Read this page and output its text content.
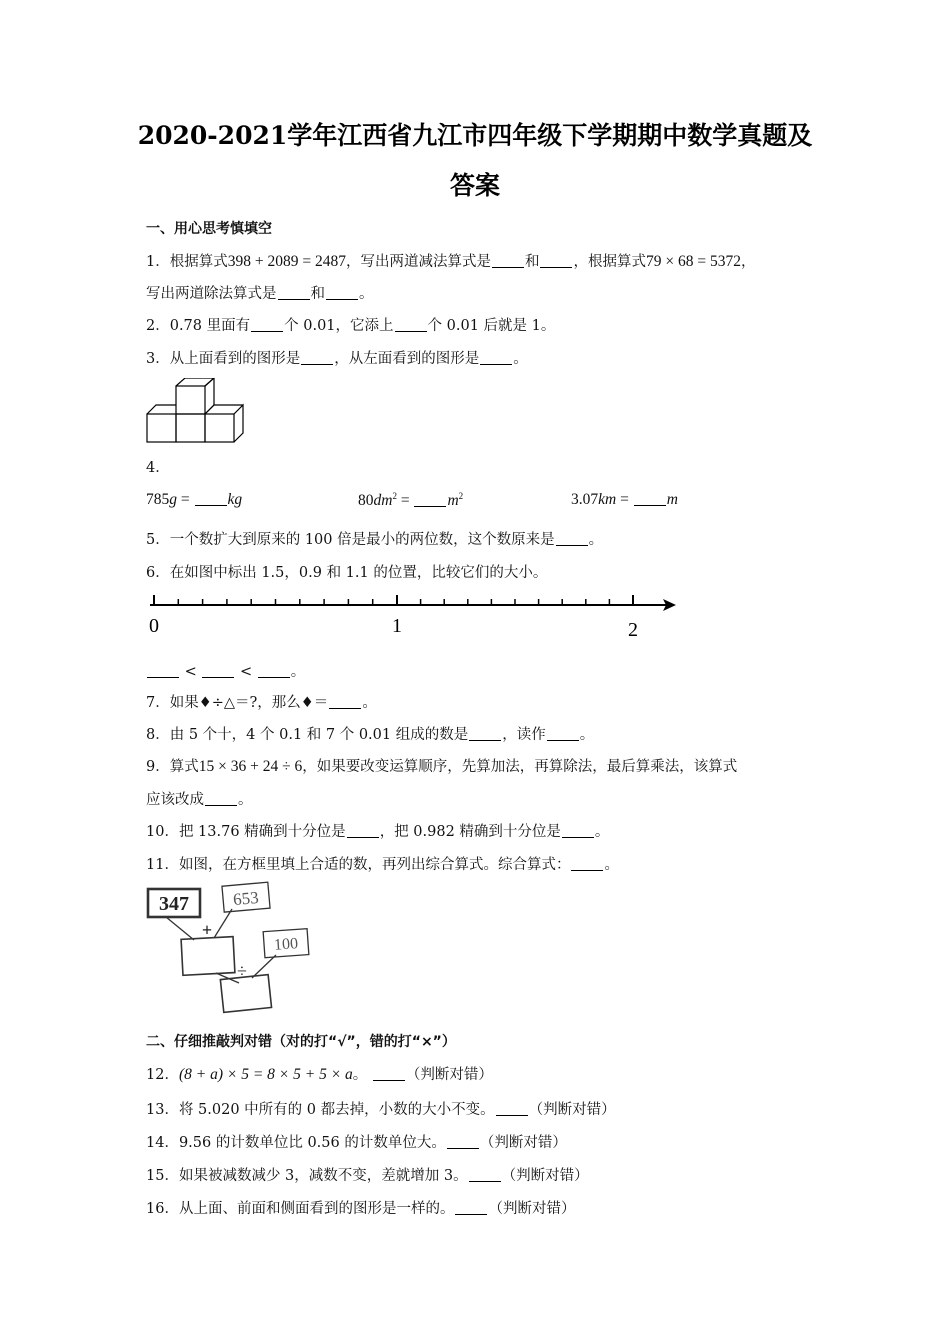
2020-2021学年江西省九江市四年级下学期期中数学真题及
答案
一、用心思考慎填空
1．根据算式398 + 2089 = 2487，写出两道减法算式是 和 ，根据算式79 × 68 = 5372，
写出两道除法算式是 和 。
2．0.78 里面有 个 0.01，它添上 个 0.01 后就是 1。
3．从上面看到的图形是 ，从左面看到的图形是 。
4．
785g = kg	$80dm^2 = m^2$	3.07km = m
5．一个数扩大到原来的 100 倍是最小的两位数，这个数原来是 。
6．在如图中标出 1.5，0.9 和 1.1 的位置，比较它们的大小。
0	1	2
<  < 。
7．如果♦÷△＝?，那么♦＝ 。
8．由 5 个十，4 个 0.1 和 7 个 0.01 组成的数是 ，读作 。
9．算式15 × 36 + 24 ÷ 6，如果要改变运算顺序，先算加法，再算除法，最后算乘法，该算式
应该改成 。
10．把 13.76 精确到十分位是 ，把 0.982 精确到十分位是 。
11．如图，在方框里填上合适的数，再列出综合算式。综合算式： 。
347	653
100
+
÷
二、仔细推敲判对错（对的打“√”，错的打“×”）
12．(8 + a) × 5 = 8 × 5 + 5 × a。	（判断对错）
13．将 5.020 中所有的 0 都去掉，小数的大小不变。 （判断对错）
14．9.56 的计数单位比 0.56 的计数单位大。 （判断对错）
15．如果被减数减少 3，减数不变，差就增加 3。 （判断对错）
16．从上面、前面和侧面看到的图形是一样的。 （判断对错）
